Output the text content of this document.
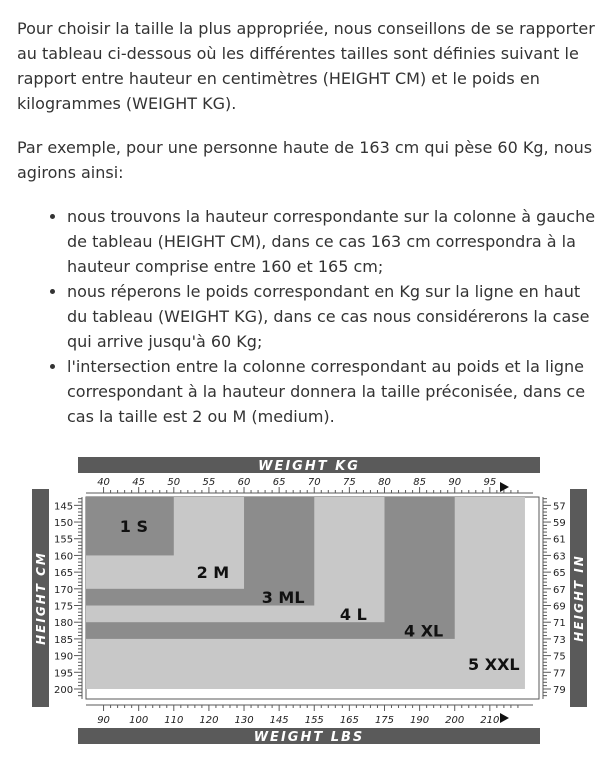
Pour choisir la taille la plus appropriée, nous conseillons de se rapporter au tableau ci-dessous où les différentes tailles sont définies suivant le rapport entre hauteur en centimètres (HEIGHT CM) et le poids en kilogrammes (WEIGHT KG).

Par exemple, pour une personne haute de 163 cm qui pèse 60 Kg, nous agirons ainsi:

• nous trouvons la hauteur correspondante sur la colonne à gauche de tableau (HEIGHT CM), dans ce cas 163 cm correspondra à la hauteur comprise entre 160 et 165 cm;
• nous réperons le poids correspondant en Kg sur la ligne en haut du tableau (WEIGHT KG), dans ce cas nous considérerons la case qui arrive jusqu'à 60 Kg;
• l'intersection entre la colonne correspondant au poids et la ligne correspondant à la hauteur donnera la taille préconisée, dans ce cas la taille est 2 ou M (medium).
WEIGHT KG
WEIGHT LBS
HEIGHT CM	HEIGHT IN
1 S
2 M
3 ML
4 L
4 XL
5 XXL
40 45 50 55 60 65 70 75 80 85 90 95
90 100 110 120 130 145 155 165 175 190 200 210
145
150
155
160
165
170
175
180
185
190
195
200
57
59
61
63
65
67
69
71
73
75
77
79
